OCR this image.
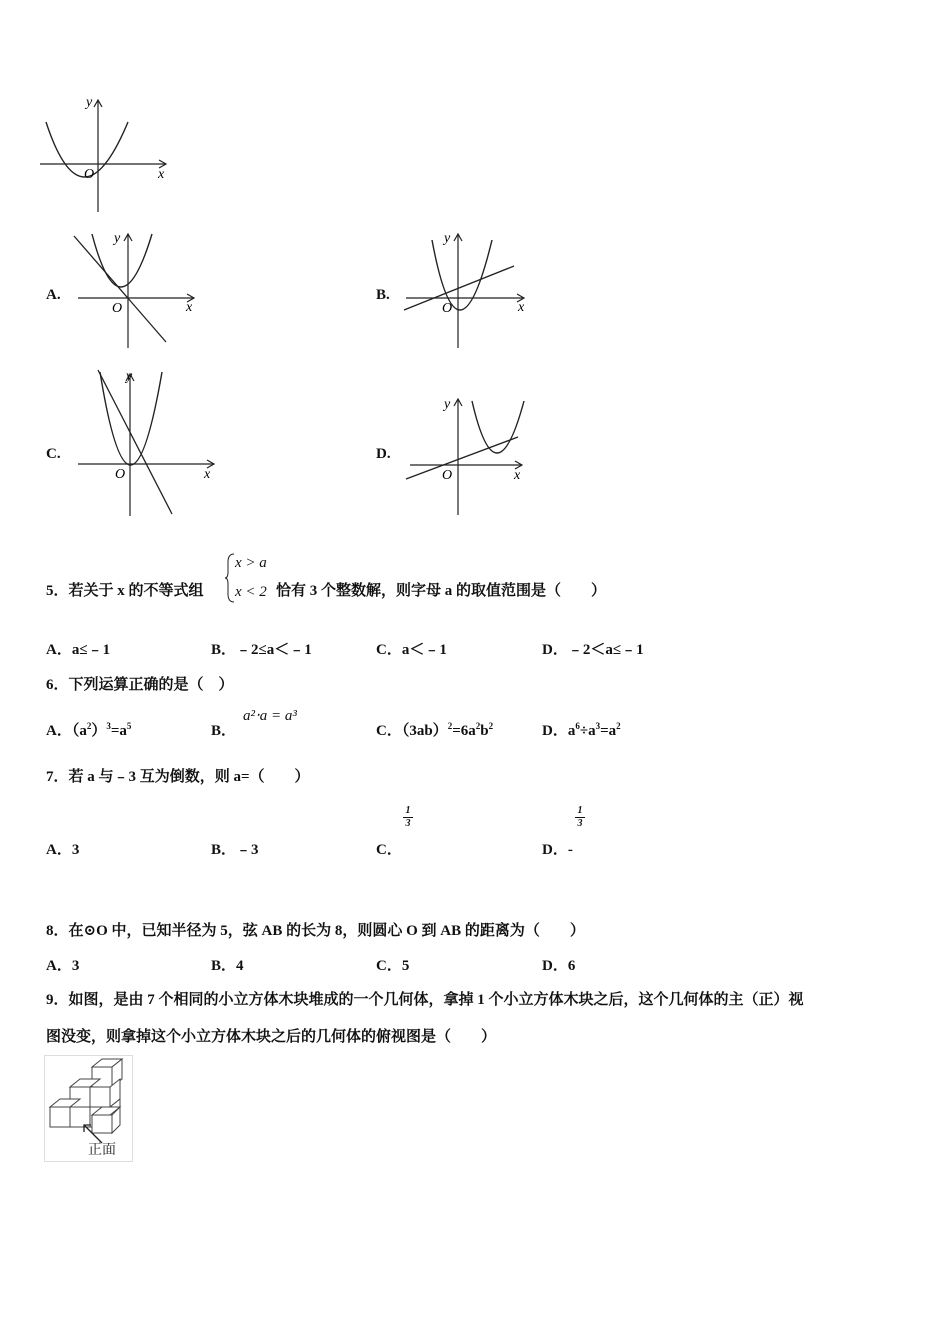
x
y
O
A.
x
y
O
B.
x
y
O
C.
x
y
O
D.
x
y
O
5．若关于 x 的不等式组
x > a
x < 2 恰有 3 个整数解，则字母 a 的取值范围是（　　）
A．a≤﹣1	B．﹣2≤a＜﹣1	C．a＜﹣1	D．﹣2＜a≤﹣1
6．下列运算正确的是（　）
A．$(a^2)^3=a^5$	B．
a²⋅a = a³
C．$(3ab)^2=6a^2b^2$	D．$a^6\div a^3=a^2$
7．若 a 与﹣3 互为倒数，则 a=（　　）
A．3	B．﹣3	C．
1
3
D．-
1
3
8．在⊙O 中，已知半径为 5，弦 AB 的长为 8，则圆心 O 到 AB 的距离为（　　）
A．3	B．4	C．5	D．6
9．如图，是由 7 个相同的小立方体木块堆成的一个几何体，拿掉 1 个小立方体木块之后，这个几何体的主（正）视
图没变，则拿掉这个小立方体木块之后的几何体的俯视图是（　　）
正面
